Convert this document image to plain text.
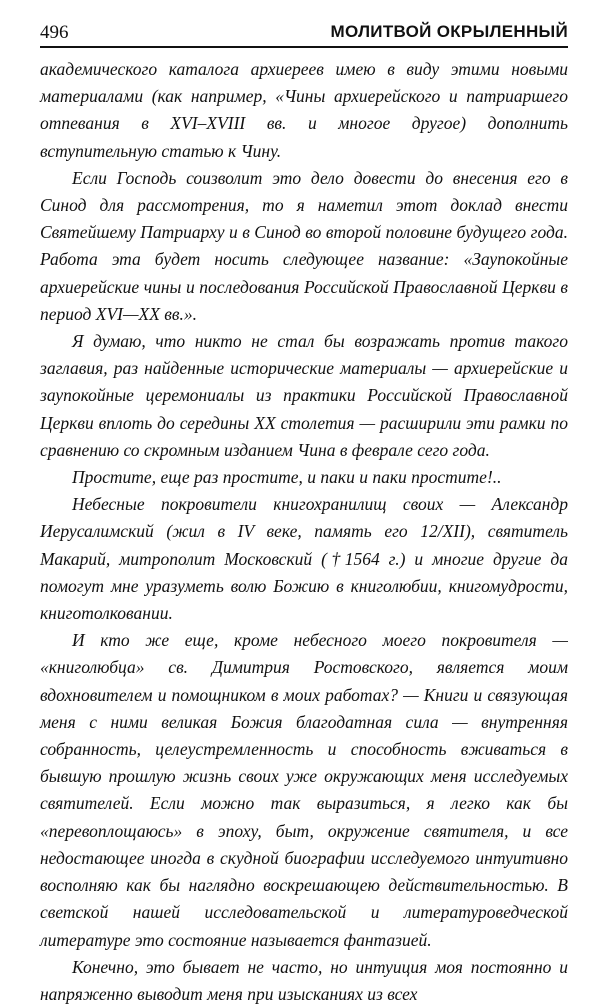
496	МОЛИТВОЙ ОКРЫЛЕННЫЙ

академического каталога архиереев имею в виду этими новыми материалами (как например, «Чины архиерейского и патриаршего отпевания в XVI–XVIII вв. и многое другое) дополнить вступительную статью к Чину.

Если Господь соизволит это дело довести до внесения его в Синод для рассмотрения, то я наметил этот доклад внести Святейшему Патриарху и в Синод во второй половине будущего года. Работа эта будет носить следующее название: «Заупокойные архиерейские чины и последования Российской Православной Церкви в период XVI—XX вв.».

Я думаю, что никто не стал бы возражать против такого заглавия, раз найденные исторические материалы — архиерейские и заупокойные церемониалы из практики Российской Православной Церкви вплоть до середины XX столетия — расширили эти рамки по сравнению со скромным изданием Чина в феврале сего года.

Простите, еще раз простите, и паки и паки простите!..

Небесные покровители книгохранилищ своих — Александр Иерусалимский (жил в IV веке, память его 12/XII), святитель Макарий, митрополит Московский (†1564 г.) и многие другие да помогут мне уразуметь волю Божию в книголюбии, книгомудрости, книготолковании.

И кто же еще, кроме небесного моего покровителя — «книголюбца» св. Димитрия Ростовского, является моим вдохновителем и помощником в моих работах? — Книги и связующая меня с ними великая Божия благодатная сила — внутренняя собранность, целеустремленность и способность вживаться в бывшую прошлую жизнь своих уже окружающих меня исследуемых святителей. Если можно так выразиться, я легко как бы «перевоплощаюсь» в эпоху, быт, окружение святителя, и все недостающее иногда в скудной биографии исследуемого интуитивно восполняю как бы наглядно воскрешающею действительностью. В светской нашей исследовательской и литературоведческой литературе это состояние называется фантазией.

Конечно, это бывает не часто, но интуиция моя постоянно и напряженно выводит меня при изысканиях из всех
